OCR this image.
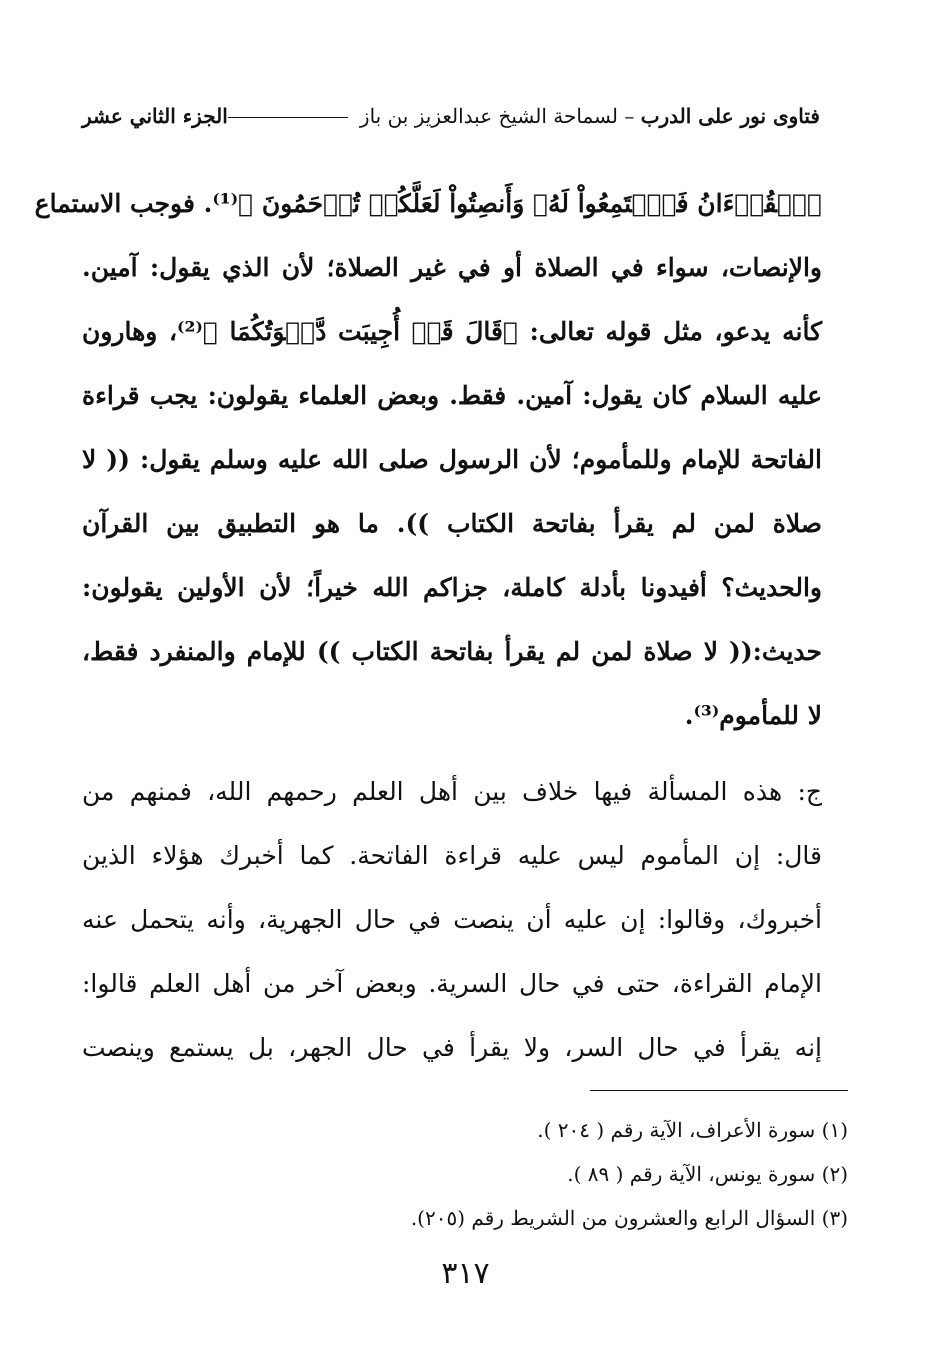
فتاوى نور على الدرب – لسماحة الشيخ عبدالعزيز بن باز
الجزء الثاني عشر
ﭐﻟۡﻘُﺮۡءَانُ فَٱسۡتَمِعُواْ لَهُۥ وَأَنصِتُواْ لَعَلَّكُمۡ تُرۡحَمُونَ ﴾⁽¹⁾. فوجب الاستماع
والإنصات، سواء في الصلاة أو في غير الصلاة؛ لأن الذي يقول: آمين.
كأنه يدعو، مثل قوله تعالى: ﴿قَالَ قَدۡ أُجِيبَت دَّعۡوَتُكُمَا ﴾⁽²⁾، وهارون
عليه السلام كان يقول: آمين. فقط. وبعض العلماء يقولون: يجب قراءة
الفاتحة للإمام وللمأموم؛ لأن الرسول صلى الله عليه وسلم يقول: (( لا
صلاة لمن لم يقرأ بفاتحة الكتاب )). ما هو التطبيق بين القرآن
والحديث؟ أفيدونا بأدلة كاملة، جزاكم الله خيراً؛ لأن الأولين يقولون:
حديث:(( لا صلاة لمن لم يقرأ بفاتحة الكتاب )) للإمام والمنفرد فقط،
لا للمأموم⁽³⁾.
ج: هذه المسألة فيها خلاف بين أهل العلم رحمهم الله، فمنهم من
قال: إن المأموم ليس عليه قراءة الفاتحة. كما أخبرك هؤلاء الذين
أخبروك، وقالوا: إن عليه أن ينصت في حال الجهرية، وأنه يتحمل عنه
الإمام القراءة، حتى في حال السرية. وبعض آخر من أهل العلم قالوا:
إنه يقرأ في حال السر، ولا يقرأ في حال الجهر، بل يستمع وينصت
(١) سورة الأعراف، الآية رقم ( ٢٠٤ ).
(٢) سورة يونس، الآية رقم ( ٨٩ ).
(٣) السؤال الرابع والعشرون من الشريط رقم (٢٠٥).
٣١٧
